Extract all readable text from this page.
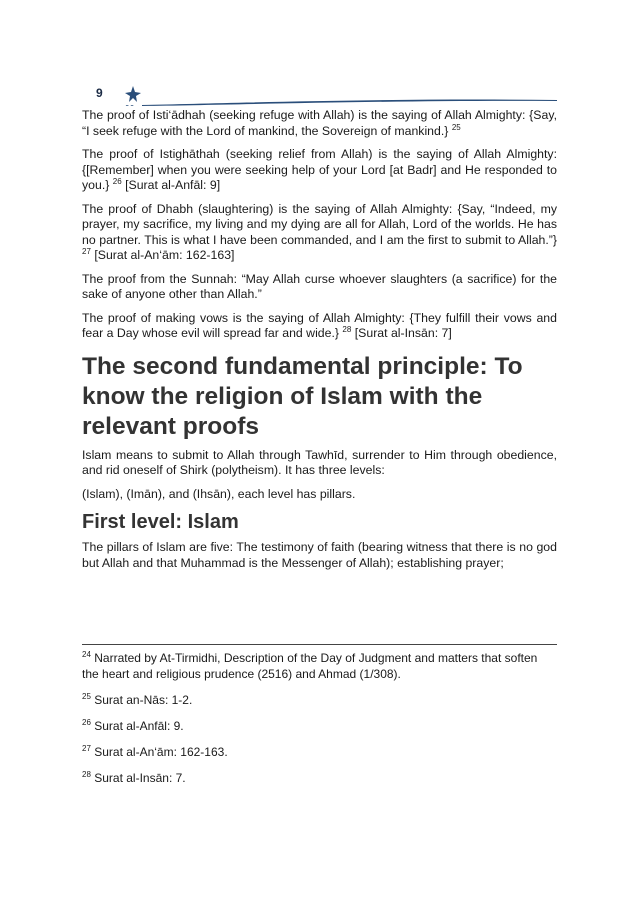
9
ـ ـ

The proof of Isti‘ādhah (seeking refuge with Allah) is the saying of Allah Almighty: {Say, “I seek refuge with the Lord of mankind, the Sovereign of mankind.} $^{25}$

The proof of Istighāthah (seeking relief from Allah) is the saying of Allah Almighty: {[Remember] when you were seeking help of your Lord [at Badr] and He responded to you.} $^{26}$ [Surat al-Anfāl: 9]

The proof of Dhabh (slaughtering) is the saying of Allah Almighty: {Say, “Indeed, my prayer, my sacrifice, my living and my dying are all for Allah, Lord of the worlds. He has no partner. This is what I have been commanded, and I am the first to submit to Allah.”} $^{27}$ [Surat al-An‘ām: 162-163]

The proof from the Sunnah: “May Allah curse whoever slaughters (a sacrifice) for the sake of anyone other than Allah.”

The proof of making vows is the saying of Allah Almighty: {They fulfill their vows and fear a Day whose evil will spread far and wide.} $^{28}$ [Surat al-Insān: 7]

The second fundamental principle: To know the religion of Islam with the relevant proofs

Islam means to submit to Allah through Tawhīd, surrender to Him through obedience, and rid oneself of Shirk (polytheism). It has three levels:

(Islam), (Imān), and (Ihsān), each level has pillars.

First level: Islam

The pillars of Islam are five: The testimony of faith (bearing witness that there is no god but Allah and that Muhammad is the Messenger of Allah); establishing prayer;

$^{24}$ Narrated by At-Tirmidhi, Description of the Day of Judgment and matters that soften the heart and religious prudence (2516) and Ahmad (1/308).

$^{25}$ Surat an-Nās: 1-2.

$^{26}$ Surat al-Anfāl: 9.

$^{27}$ Surat al-An‘ām: 162-163.

$^{28}$ Surat al-Insān: 7.
